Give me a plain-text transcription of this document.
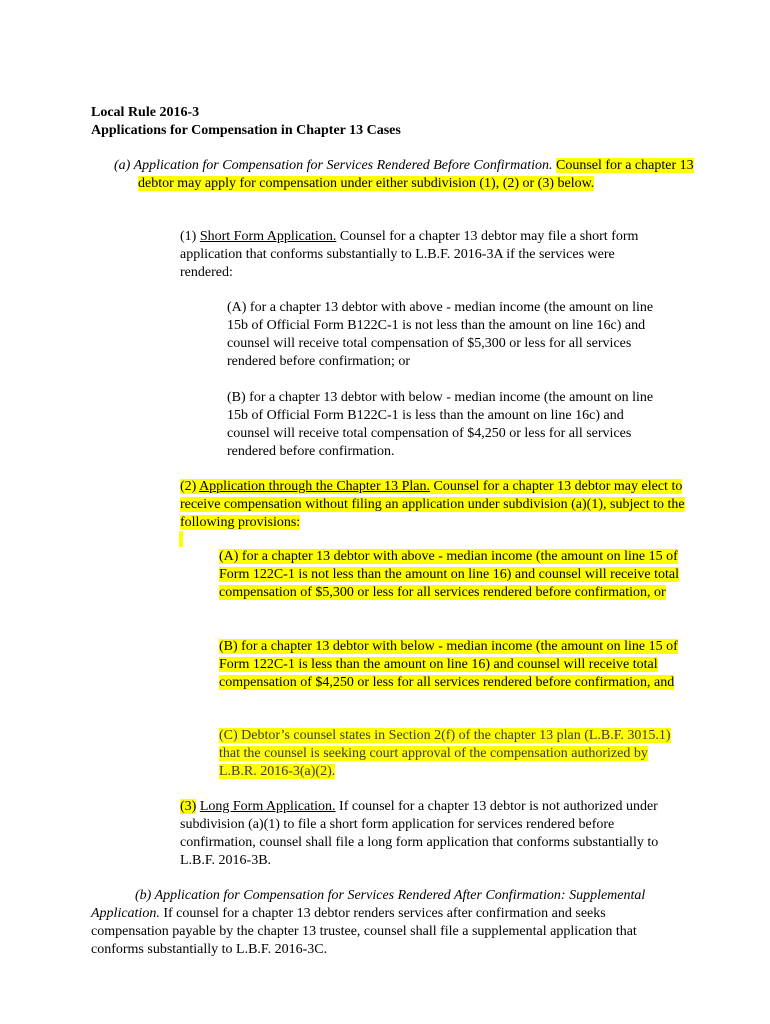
Local Rule 2016-3
Applications for Compensation in Chapter 13 Cases
(a) Application for Compensation for Services Rendered Before Confirmation. Counsel for a chapter 13 debtor may apply for compensation under either subdivision (1), (2) or (3) below.
(1) Short Form Application. Counsel for a chapter 13 debtor may file a short form application that conforms substantially to L.B.F. 2016-3A if the services were rendered:
(A) for a chapter 13 debtor with above - median income (the amount on line 15b of Official Form B122C-1 is not less than the amount on line 16c) and counsel will receive total compensation of $5,300 or less for all services rendered before confirmation; or
(B) for a chapter 13 debtor with below - median income (the amount on line 15b of Official Form B122C-1 is less than the amount on line 16c) and counsel will receive total compensation of $4,250 or less for all services rendered before confirmation.
(2) Application through the Chapter 13 Plan. Counsel for a chapter 13 debtor may elect to receive compensation without filing an application under subdivision (a)(1), subject to the following provisions:
(A) for a chapter 13 debtor with above - median income (the amount on line 15 of Form 122C-1 is not less than the amount on line 16) and counsel will receive total compensation of $5,300 or less for all services rendered before confirmation, or
(B) for a chapter 13 debtor with below - median income (the amount on line 15 of Form 122C-1 is less than the amount on line 16) and counsel will receive total compensation of $4,250 or less for all services rendered before confirmation, and
(C) Debtor’s counsel states in Section 2(f) of the chapter 13 plan (L.B.F. 3015.1) that the counsel is seeking court approval of the compensation authorized by L.B.R. 2016-3(a)(2).
(3) Long Form Application. If counsel for a chapter 13 debtor is not authorized under subdivision (a)(1) to file a short form application for services rendered before confirmation, counsel shall file a long form application that conforms substantially to L.B.F. 2016-3B.
(b) Application for Compensation for Services Rendered After Confirmation: Supplemental Application. If counsel for a chapter 13 debtor renders services after confirmation and seeks compensation payable by the chapter 13 trustee, counsel shall file a supplemental application that conforms substantially to L.B.F. 2016-3C.
